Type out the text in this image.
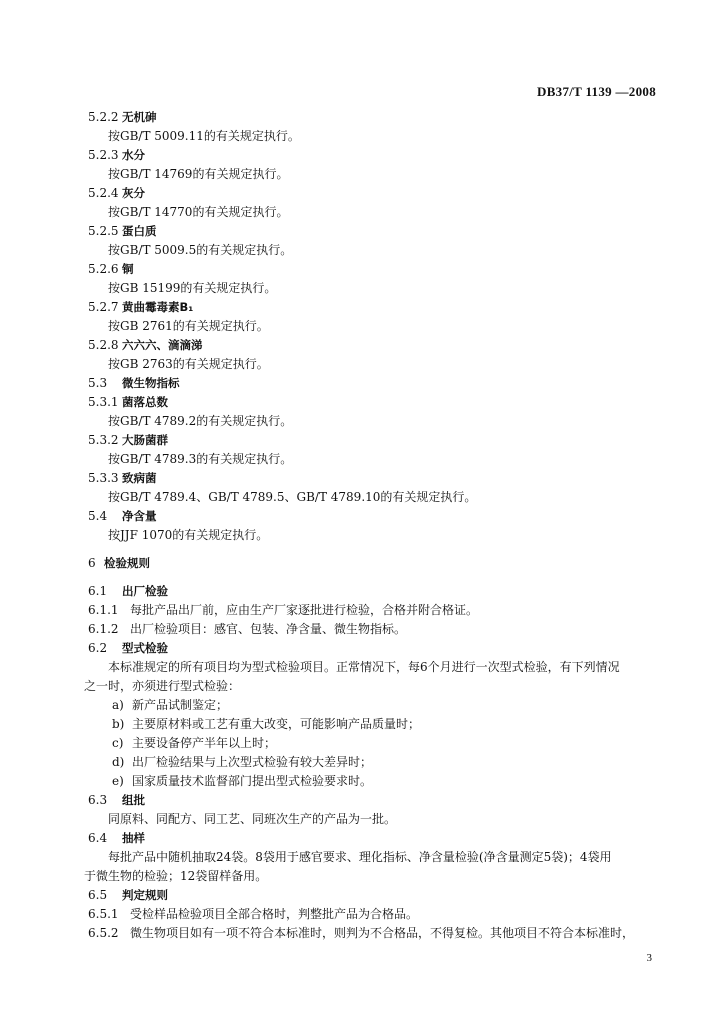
DB37/T 1139 —2008
5.2.2 无机砷
按GB/T 5009.11的有关规定执行。
5.2.3 水分
按GB/T 14769的有关规定执行。
5.2.4 灰分
按GB/T 14770的有关规定执行。
5.2.5 蛋白质
按GB/T 5009.5的有关规定执行。
5.2.6 铜
按GB 15199的有关规定执行。
5.2.7 黄曲霉毒素B₁
按GB 2761的有关规定执行。
5.2.8 六六六、滴滴涕
按GB 2763的有关规定执行。
5.3 微生物指标
5.3.1 菌落总数
按GB/T 4789.2的有关规定执行。
5.3.2 大肠菌群
按GB/T 4789.3的有关规定执行。
5.3.3 致病菌
按GB/T 4789.4、GB/T 4789.5、GB/T 4789.10的有关规定执行。
5.4 净含量
按JJF 1070的有关规定执行。
6 检验规则
6.1 出厂检验
6.1.1 每批产品出厂前，应由生产厂家逐批进行检验，合格并附合格证。
6.1.2 出厂检验项目：感官、包装、净含量、微生物指标。
6.2 型式检验
本标准规定的所有项目均为型式检验项目。正常情况下，每6个月进行一次型式检验，有下列情况
之一时，亦须进行型式检验：
a) 新产品试制鉴定；
b) 主要原材料或工艺有重大改变，可能影响产品质量时；
c) 主要设备停产半年以上时；
d) 出厂检验结果与上次型式检验有较大差异时；
e) 国家质量技术监督部门提出型式检验要求时。
6.3 组批
同原料、同配方、同工艺、同班次生产的产品为一批。
6.4 抽样
每批产品中随机抽取24袋。8袋用于感官要求、理化指标、净含量检验(净含量测定5袋)；4袋用
于微生物的检验；12袋留样备用。
6.5 判定规则
6.5.1 受检样品检验项目全部合格时，判整批产品为合格品。
6.5.2 微生物项目如有一项不符合本标准时，则判为不合格品，不得复检。其他项目不符合本标准时，
3
